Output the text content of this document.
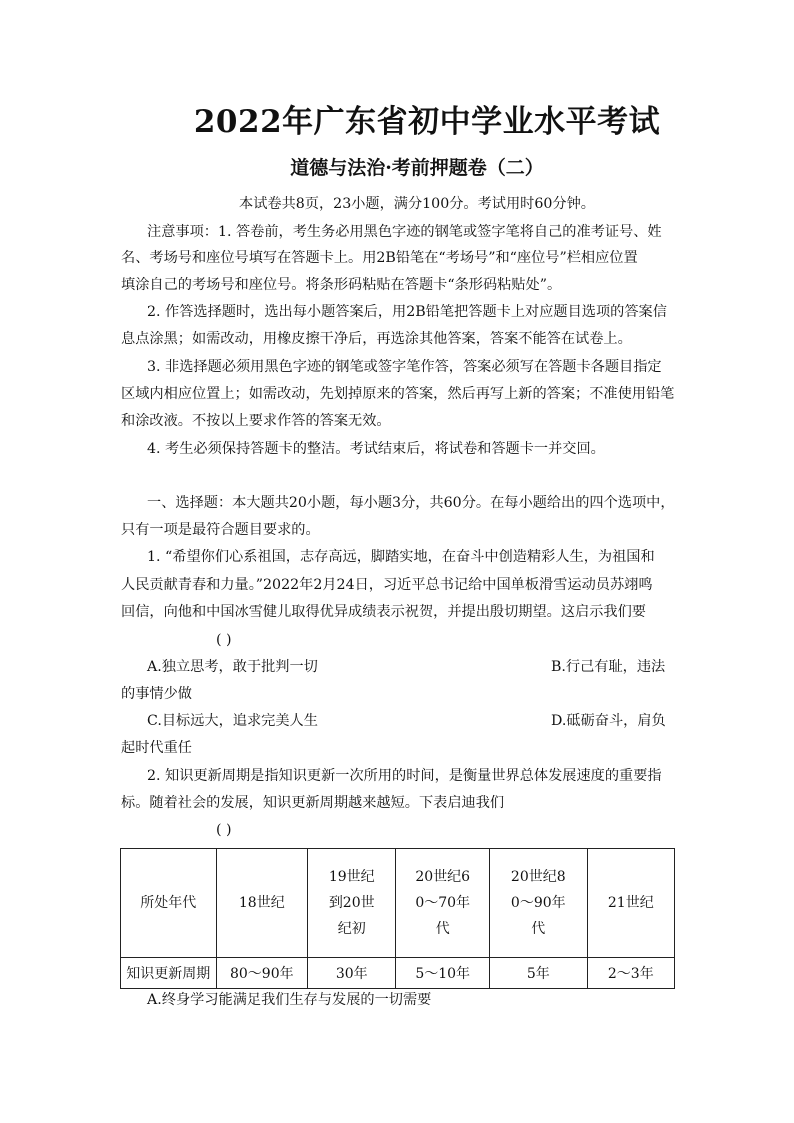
2022年广东省初中学业水平考试
道德与法治·考前押题卷（二）
本试卷共8页，23小题，满分100分。考试用时60分钟。
注意事项：1. 答卷前，考生务必用黑色字迹的钢笔或签字笔将自己的准考证号、姓
名、考场号和座位号填写在答题卡上。用2B铅笔在“考场号”和“座位号”栏相应位置
填涂自己的考场号和座位号。将条形码粘贴在答题卡“条形码粘贴处”。
2. 作答选择题时，选出每小题答案后，用2B铅笔把答题卡上对应题目选项的答案信
息点涂黑；如需改动，用橡皮擦干净后，再选涂其他答案，答案不能答在试卷上。
3. 非选择题必须用黑色字迹的钢笔或签字笔作答，答案必须写在答题卡各题目指定
区域内相应位置上；如需改动，先划掉原来的答案，然后再写上新的答案；不准使用铅笔
和涂改液。不按以上要求作答的答案无效。
4. 考生必须保持答题卡的整洁。考试结束后，将试卷和答题卡一并交回。
一、选择题：本大题共20小题，每小题3分，共60分。在每小题给出的四个选项中，
只有一项是最符合题目要求的。
1. “希望你们心系祖国，志存高远，脚踏实地，在奋斗中创造精彩人生，为祖国和
人民贡献青春和力量。”2022年2月24日，习近平总书记给中国单板滑雪运动员苏翊鸣
回信，向他和中国冰雪健儿取得优异成绩表示祝贺，并提出殷切期望。这启示我们要
( )
A.独立思考，敢于批判一切	B.行己有耻，违法
的事情少做
C.目标远大，追求完美人生	D.砥砺奋斗，肩负
起时代重任
2. 知识更新周期是指知识更新一次所用的时间，是衡量世界总体发展速度的重要指
标。随着社会的发展，知识更新周期越来越短。下表启迪我们
( )
所处年代	18世纪	19世纪到20世纪初	20世纪60～70年代	20世纪80～90年代	21世纪
知识更新周期	80～90年	30年	5～10年	5年	2～3年
A.终身学习能满足我们生存与发展的一切需要
